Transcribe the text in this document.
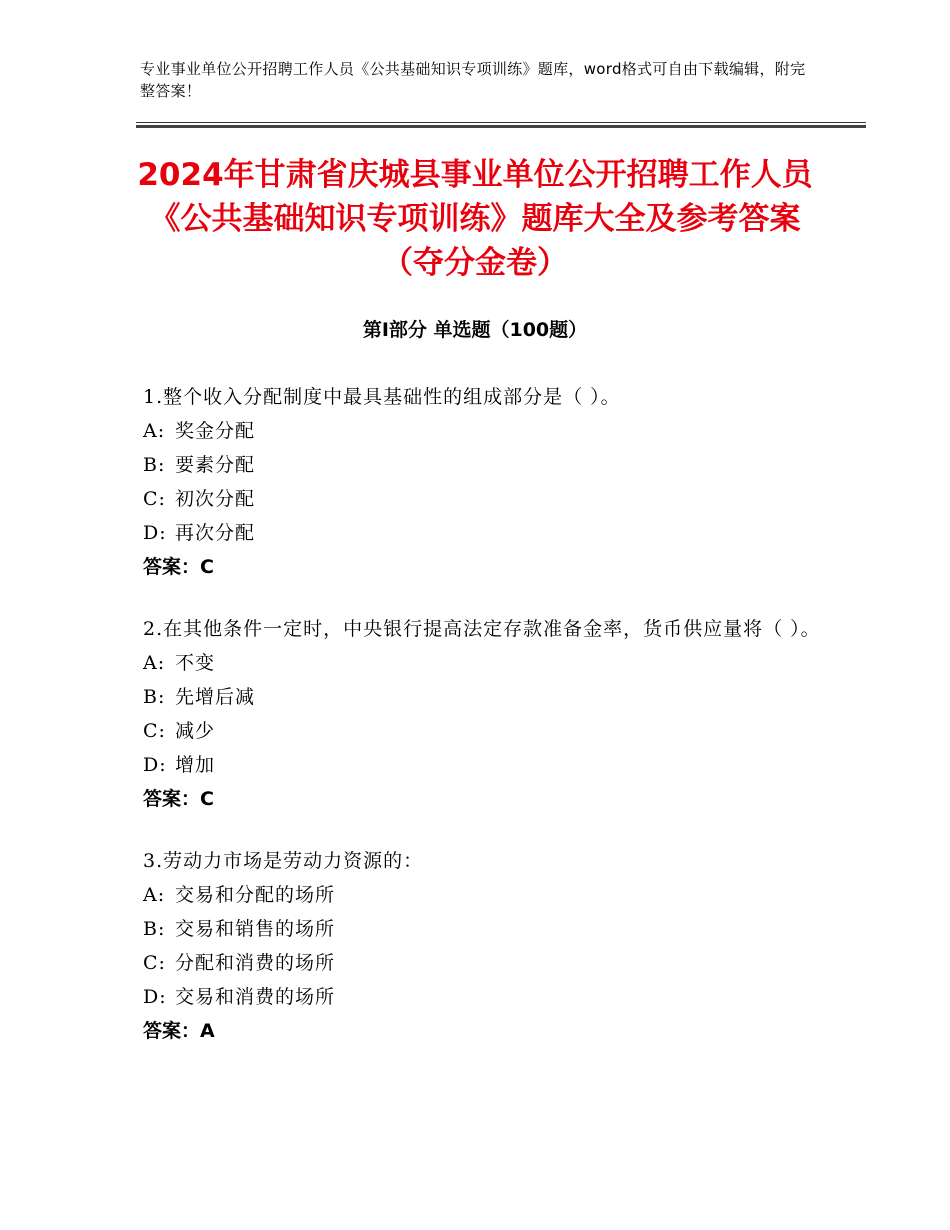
专业事业单位公开招聘工作人员《公共基础知识专项训练》题库，word格式可自由下载编辑，附完整答案！
2024年甘肃省庆城县事业单位公开招聘工作人员《公共基础知识专项训练》题库大全及参考答案（夺分金卷）
第Ⅰ部分 单选题（100题）
1.整个收入分配制度中最具基础性的组成部分是（ ）。
A: 奖金分配
B: 要素分配
C: 初次分配
D: 再次分配
答案：C
2.在其他条件一定时，中央银行提高法定存款准备金率，货币供应量将（ ）。
A: 不变
B: 先增后减
C: 减少
D: 增加
答案：C
3.劳动力市场是劳动力资源的：
A: 交易和分配的场所
B: 交易和销售的场所
C: 分配和消费的场所
D: 交易和消费的场所
答案：A
